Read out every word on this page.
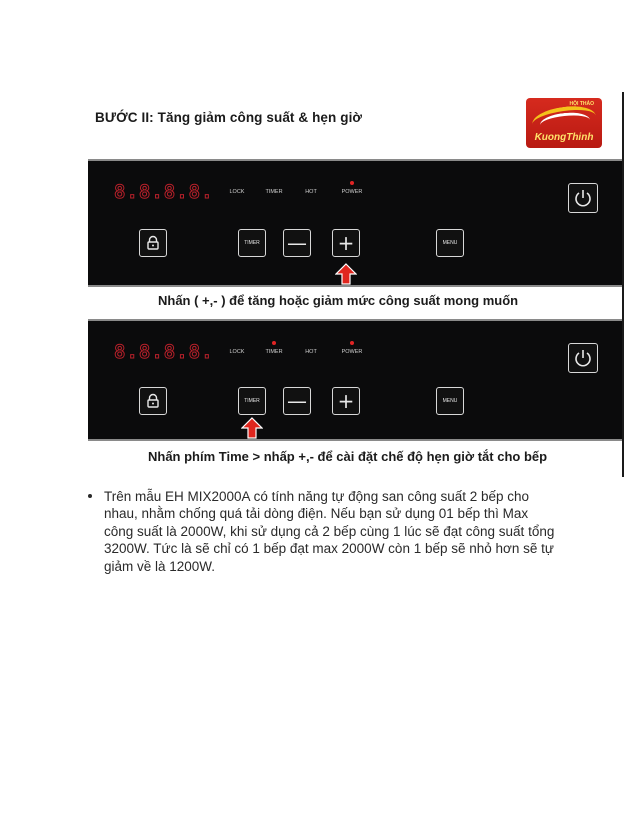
BƯỚC II: Tăng giảm công suất & hẹn giờ
HỘI THẢO
KuongThinh
8.8.8.8.	LOCK	TIMER	HOT	POWER
TIMER — +	MENU
Nhấn ( +,- ) để tăng hoặc giảm mức công suất mong muốn
8.8.8.8.	LOCK	TIMER	HOT	POWER
TIMER — +	MENU
Nhấn phím Time > nhấp +,- để cài đặt chế độ hẹn giờ tắt cho bếp
Trên mẫu EH MIX2000A có tính năng tự động san công suất 2 bếp cho nhau, nhằm chống quá tải dòng điện. Nếu bạn sử dụng 01 bếp thì Max công suất là 2000W, khi sử dụng cả 2 bếp cùng 1 lúc sẽ đạt công suất tổng 3200W. Tức là sẽ chỉ có 1 bếp đạt max 2000W còn 1 bếp sẽ nhỏ hơn sẽ tự giảm về là 1200W.
